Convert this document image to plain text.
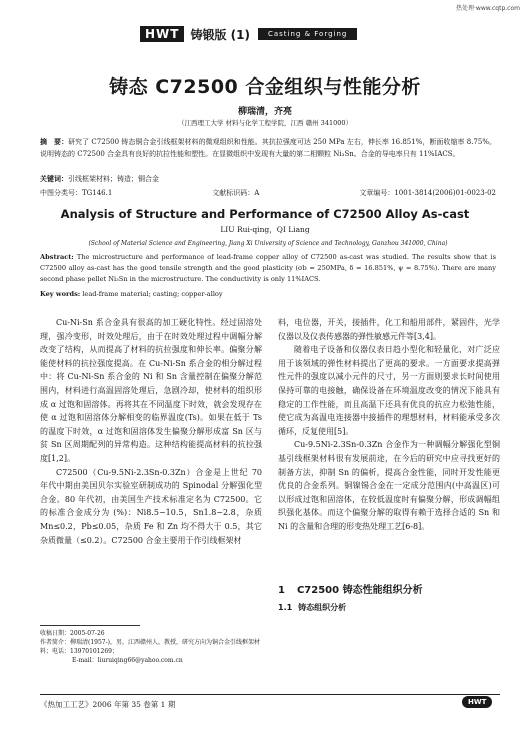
热处理·www.cqtp.com
HWT 铸锻版 (1)	Casting & Forging
铸态 C72500 合金组织与性能分析
柳瑞清，齐亮
（江西理工大学 材料与化学工程学院，江西 赣州 341000）
摘　要：研究了 C72500 铸态铜合金引线框架材料的微观组织和性能。其抗拉强度可达 250 MPa 左右，伸长率 16.851%，断面收缩率 8.75%。说明铸态的 C72500 合金具有良好的抗拉性能和塑性。在显微组织中发现有大量的第二相颗粒 Ni₃Sn。合金的导电率只有 11%IACS。
关键词：引线框架材料；铸造；铜合金
中图分类号：TG146.1	文献标识码：A	文章编号：1001-3814(2006)01-0023-02
Analysis of Structure and Performance of C72500 Alloy As-cast
LIU Rui-qing，QI Liang
(School of Material Science and Engineering, Jiang Xi University of Science and Technology, Ganzhou 341000, China)
Abstract: The microstructure and performance of lead-frame copper alloy of C72500 as-cast was studied. The results show that is C72500 alloy as-cast has the good tensile strength and the good plasticity (σb = 250MPa, δ = 16.851%, ψ = 8.75%). There are many second phase pellet Ni₃Sn in the microstructure. The conductivity is only 11%IACS.
Key words: lead-frame material; casting; copper-alloy

Cu-Ni-Sn 系合金具有很高的加工硬化特性。经过固溶处理，强冷变形，时效处理后，由于在时效处理过程中调幅分解改变了结构，从而提高了材料的抗拉强度和伸长率。偏聚分解能使材料的抗拉强度提高。在 Cu-Ni-Sn 系合金的相分解过程中：将 Cu-Ni-Sn 系合金的 Ni 和 Sn 含量控制在偏聚分解范围内，材料进行高温固溶处理后，急剧冷却，使材料的组织形成 α 过饱和固溶体。再将其在不同温度下时效，就会发现存在使 α 过饱和固溶体分解相变的临界温度(Ts)。如果在低于 Ts 的温度下时效，α 过饱和固溶体发生偏聚分解形成富 Sn 区与贫 Sn 区周期配列的异常构造。这种结构能提高材料的抗拉强度[1,2]。

C72500（Cu-9.5Ni-2.3Sn-0.3Zn）合金是上世纪 70 年代中期由美国贝尔实验室研制成功的 Spinodal 分解强化型合金。80 年代初，由美国生产技术标准定名为 C72500。它的标准合金成分为 (%)：Ni8.5~10.5，Sn1.8~2.8，杂质 Mn≤0.2，Pb≤0.05，杂质 Fe 和 Zn 均不得大于 0.5，其它杂质微量（≤0.2）。C72500 合金主要用于作引线框架材

料，电位器，开关，接插件，化工和船用部件，紧固件，光学仪器以及仪表传感器的弹性敏感元件等[3,4]。

随着电子设备和仪器仪表日趋小型化和轻量化，对广泛应用于该领域的弹性材料提出了更高的要求。一方面要求提高弹性元件的强度以减小元件的尺寸，另一方面则要求长时间使用保持可靠的电接触，确保设备在环境温度改变的情况下能具有稳定的工作性能，而且高温下还具有优良的抗应力松弛性能，使它成为高温电连接器中接插件的理想材料，材料能承受多次循环，反复使用[5]。

Cu-9.5Ni-2.3Sn-0.3Zn 合金作为一种调幅分解强化型铜基引线框架材料很有发展前途，在今后的研究中应寻找更好的制备方法，抑制 Sn 的偏析，提高合金性能，同时开发性能更优良的合金系列。铜镍锡合金在一定成分范围内(中高温区)可以形成过饱和固溶体，在较低温度时有偏聚分解，形成调幅组织强化基体。而这个偏聚分解的取得有赖于选择合适的 Sn 和 Ni 的含量和合理的形变热处理工艺[6-8]。

1 C72500 铸态性能组织分析
1.1 铸态组织分析
收稿日期：2005-07-26
作者简介：柳瑞清(1957-)，男，江西赣州人，教授，研究方向为铜合金引线框架材料；电话：13970101269；
E-mail：liuruiqing66@yahoo.com.cn
《热加工工艺》2006 年第 35 卷第 1 期	HWT
